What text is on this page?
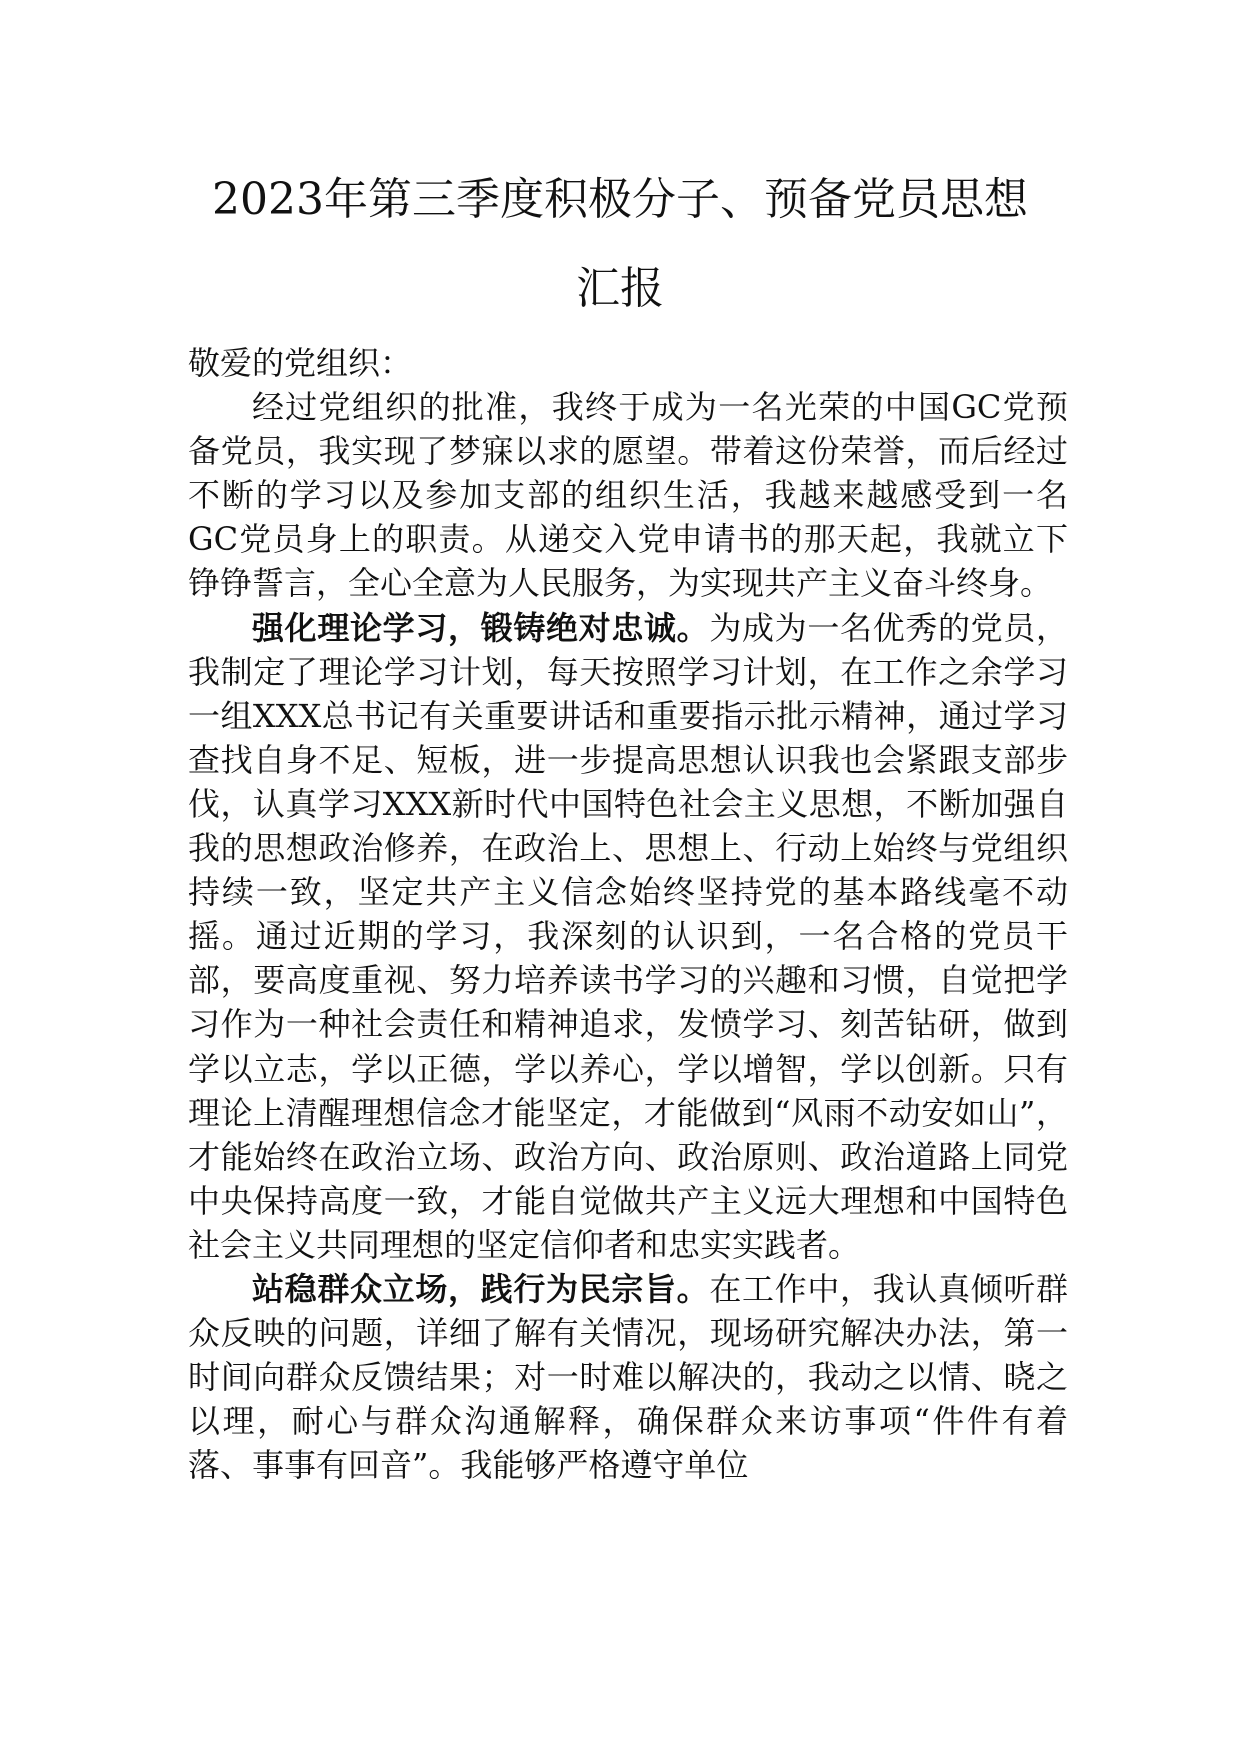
2023年第三季度积极分子、预备党员思想
汇报

敬爱的党组织：

经过党组织的批准，我终于成为一名光荣的中国GC党预备党员，我实现了梦寐以求的愿望。带着这份荣誉，而后经过不断的学习以及参加支部的组织生活，我越来越感受到一名GC党员身上的职责。从递交入党申请书的那天起，我就立下铮铮誓言，全心全意为人民服务，为实现共产主义奋斗终身。

强化理论学习，锻铸绝对忠诚。为成为一名优秀的党员，我制定了理论学习计划，每天按照学习计划，在工作之余学习一组XXX总书记有关重要讲话和重要指示批示精神，通过学习查找自身不足、短板，进一步提高思想认识我也会紧跟支部步伐，认真学习XXX新时代中国特色社会主义思想，不断加强自我的思想政治修养，在政治上、思想上、行动上始终与党组织持续一致，坚定共产主义信念始终坚持党的基本路线毫不动摇。通过近期的学习，我深刻的认识到，一名合格的党员干部，要高度重视、努力培养读书学习的兴趣和习惯，自觉把学习作为一种社会责任和精神追求，发愤学习、刻苦钻研，做到学以立志，学以正德，学以养心，学以增智，学以创新。只有理论上清醒理想信念才能坚定，才能做到“风雨不动安如山”，才能始终在政治立场、政治方向、政治原则、政治道路上同党中央保持高度一致，才能自觉做共产主义远大理想和中国特色社会主义共同理想的坚定信仰者和忠实实践者。

站稳群众立场，践行为民宗旨。在工作中，我认真倾听群众反映的问题，详细了解有关情况，现场研究解决办法，第一时间向群众反馈结果；对一时难以解决的，我动之以情、晓之以理，耐心与群众沟通解释，确保群众来访事项“件件有着落、事事有回音”。我能够严格遵守单位
